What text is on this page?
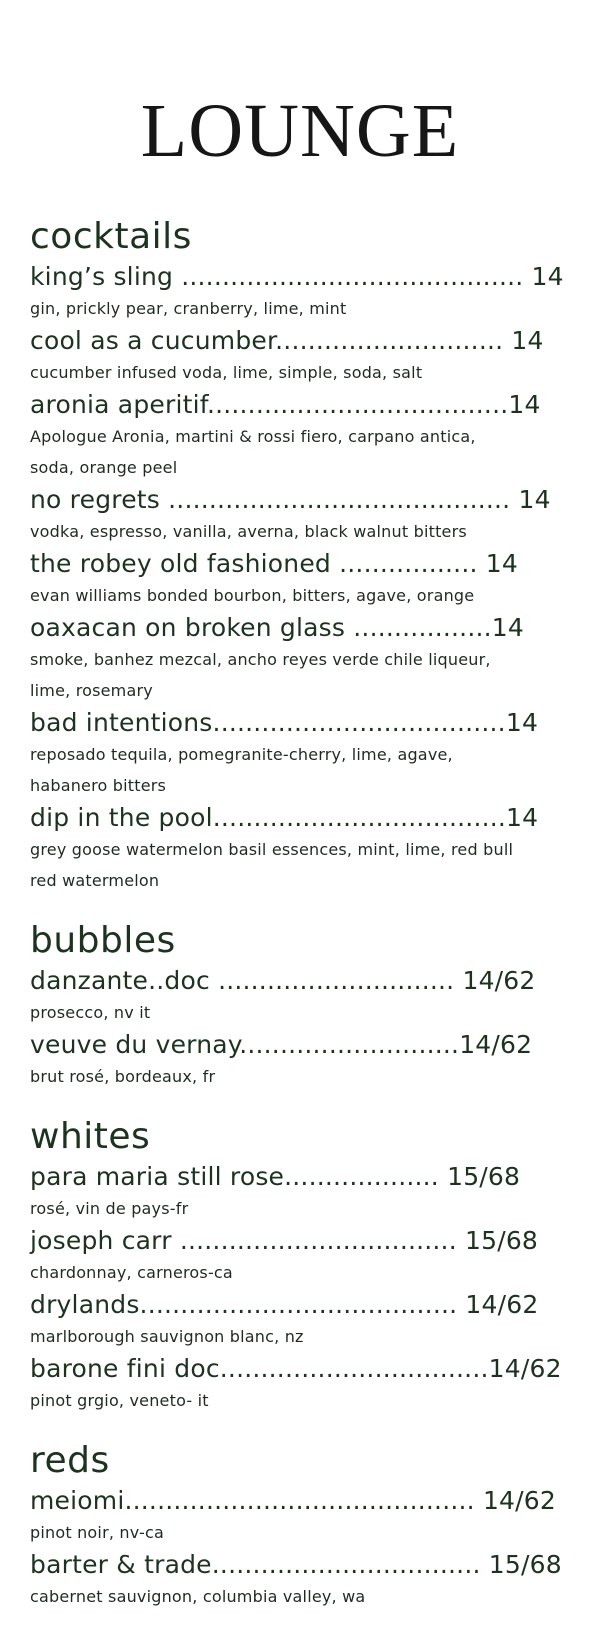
LOUNGE
cocktails
king’s sling .......................................... 14
gin, prickly pear, cranberry, lime, mint
cool as a cucumber............................ 14
cucumber infused voda, lime, simple, soda, salt
aronia aperitif.....................................14
Apologue Aronia, martini & rossi fiero, carpano antica, soda, orange peel
no regrets .......................................... 14
vodka, espresso, vanilla, averna, black walnut bitters
the robey old fashioned ................. 14
evan williams bonded bourbon, bitters, agave, orange
oaxacan on broken glass .................14
smoke, banhez mezcal, ancho reyes verde chile liqueur, lime, rosemary
bad intentions....................................14
reposado tequila, pomegranite-cherry, lime, agave, habanero bitters
dip in the pool....................................14
grey goose watermelon basil essences, mint, lime, red bull red watermelon
bubbles
danzante..doc ............................. 14/62
prosecco, nv it
veuve du vernay...........................14/62
brut rosé, bordeaux, fr
whites
para maria still rose................... 15/68
rosé, vin de pays-fr
joseph carr .................................. 15/68
chardonnay, carneros-ca
drylands....................................... 14/62
marlborough sauvignon blanc, nz
barone fini doc.................................14/62
pinot grgio, veneto- it
reds
meiomi........................................... 14/62
pinot noir, nv-ca
barter & trade................................. 15/68
cabernet sauvignon, columbia valley, wa
